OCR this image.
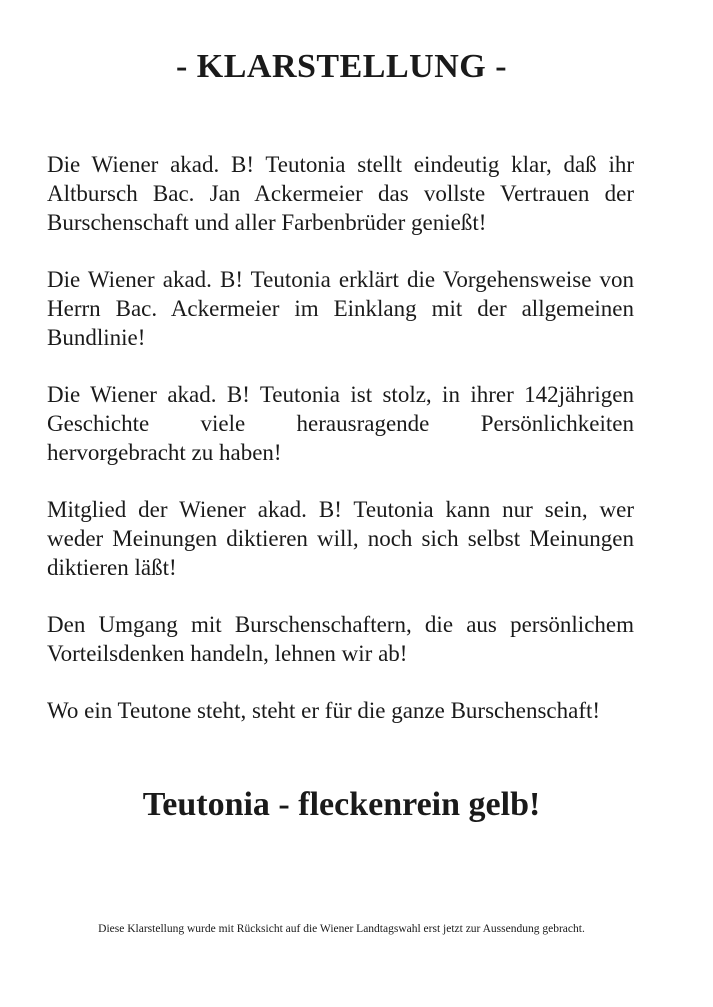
- KLARSTELLUNG -

Die Wiener akad. B! Teutonia stellt eindeutig klar, daß ihr Altbursch Bac. Jan Ackermeier das vollste Vertrauen der Burschenschaft und aller Farbenbrüder genießt!

Die Wiener akad. B! Teutonia erklärt die Vorgehensweise von Herrn Bac. Ackermeier im Einklang mit der allgemeinen Bundlinie!

Die Wiener akad. B! Teutonia ist stolz, in ihrer 142jährigen Geschichte viele herausragende Persönlichkeiten hervorgebracht zu haben!

Mitglied der Wiener akad. B! Teutonia kann nur sein, wer weder Meinungen diktieren will, noch sich selbst Meinungen diktieren läßt!

Den Umgang mit Burschenschaftern, die aus persönlichem Vorteilsdenken handeln, lehnen wir ab!

Wo ein Teutone steht, steht er für die ganze Burschenschaft!

Teutonia - fleckenrein gelb!

Diese Klarstellung wurde mit Rücksicht auf die Wiener Landtagswahl erst jetzt zur Aussendung gebracht.
